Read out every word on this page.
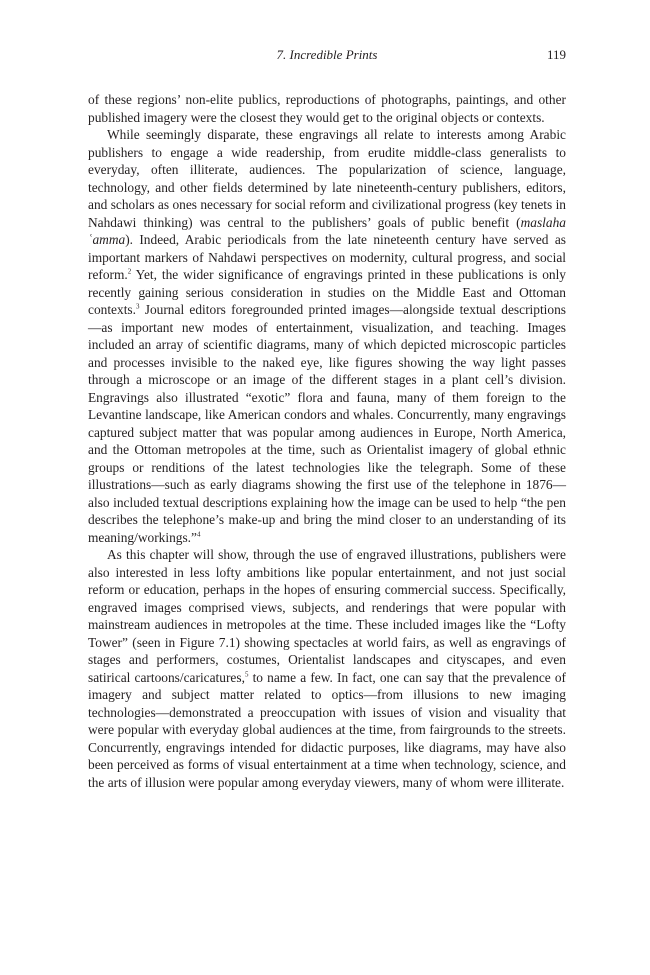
7. Incredible Prints	119

of these regions’ non-elite publics, reproductions of photographs, paintings, and other published imagery were the closest they would get to the original objects or contexts.

While seemingly disparate, these engravings all relate to interests among Arabic publishers to engage a wide readership, from erudite middle-class generalists to everyday, often illiterate, audiences. The popularization of science, language, technology, and other fields determined by late nineteenth-century publishers, editors, and scholars as ones necessary for social reform and civilizational progress (key tenets in Nahdawi thinking) was central to the publishers’ goals of public benefit (maslaha ʿamma). Indeed, Arabic periodicals from the late nineteenth century have served as important markers of Nahdawi perspectives on modernity, cultural progress, and social reform.$^2$ Yet, the wider significance of engravings printed in these publications is only recently gaining serious consideration in studies on the Middle East and Ottoman contexts.$^3$ Journal editors foregrounded printed images—alongside textual descriptions—as important new modes of entertainment, visualization, and teaching. Images included an array of scientific diagrams, many of which depicted microscopic particles and processes invisible to the naked eye, like figures showing the way light passes through a microscope or an image of the different stages in a plant cell’s division. Engravings also illustrated “exotic” flora and fauna, many of them foreign to the Levantine landscape, like American condors and whales. Concurrently, many engravings captured subject matter that was popular among audiences in Europe, North America, and the Ottoman metropoles at the time, such as Orientalist imagery of global ethnic groups or renditions of the latest technologies like the telegraph. Some of these illustrations—such as early diagrams showing the first use of the telephone in 1876—also included textual descriptions explaining how the image can be used to help “the pen describes the telephone’s make-up and bring the mind closer to an understanding of its meaning/workings.”$^4$

As this chapter will show, through the use of engraved illustrations, publishers were also interested in less lofty ambitions like popular entertainment, and not just social reform or education, perhaps in the hopes of ensuring commercial success. Specifically, engraved images comprised views, subjects, and renderings that were popular with mainstream audiences in metropoles at the time. These included images like the “Lofty Tower” (seen in Figure 7.1) showing spectacles at world fairs, as well as engravings of stages and performers, costumes, Orientalist landscapes and cityscapes, and even satirical cartoons/caricatures,$^5$ to name a few. In fact, one can say that the prevalence of imagery and subject matter related to optics—from illusions to new imaging technologies—demonstrated a preoccupation with issues of vision and visuality that were popular with everyday global audiences at the time, from fairgrounds to the streets. Concurrently, engravings intended for didactic purposes, like diagrams, may have also been perceived as forms of visual entertainment at a time when technology, science, and the arts of illusion were popular among everyday viewers, many of whom were illiterate.
